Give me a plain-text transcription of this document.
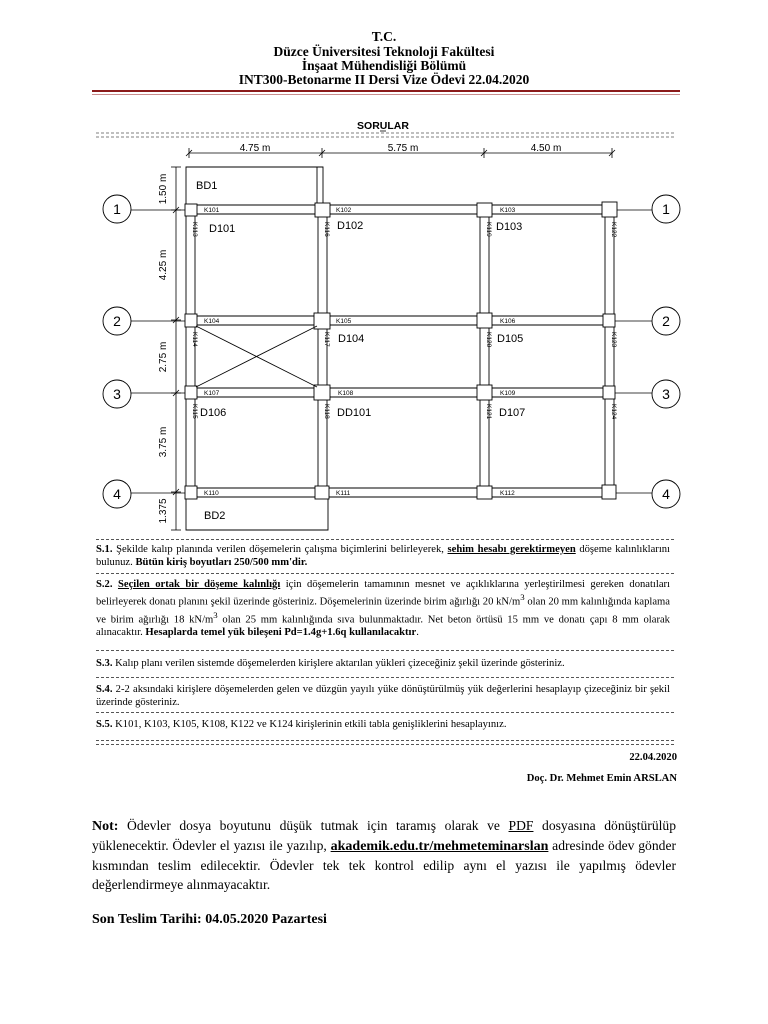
T.C.

Düzce Üniversitesi Teknoloji Fakültesi

İnşaat Mühendisliği Bölümü

INT300-Betonarme II Dersi Vize Ödevi 22.04.2020

SORULAR
4.75 m	5.75 m	4.50 m
1.50 m
4.25 m
2.75 m
3.75 m
1.375
1	1
2	2
3	3
4	4
K101	K102	K103
K104	K105	K106
K107	K108	K109
K110	K111	K112
K113	K116	K119	K122
K114	K117	K120	K123
K115	K118	K121	K124
BD1
D101	D102	D103
D104	D105
D106	DD101	D107
BD2

S.1. Şekilde kalıp planında verilen döşemelerin çalışma biçimlerini belirleyerek, sehim hesabı gerektirmeyen döşeme kalınlıklarını bulunuz. Bütün kiriş boyutları 250/500 mm'dir.

S.2. Seçilen ortak bir döşeme kalınlığı için döşemelerin tamamının mesnet ve açıklıklarına yerleştirilmesi gereken donatıları belirleyerek donatı planını şekil üzerinde gösteriniz. Döşemelerinin üzerinde birim ağırlığı 20 $kN/m^3$ olan 20 mm kalınlığında kaplama ve birim ağırlığı 18 $kN/m^3$ olan 25 mm kalınlığında sıva bulunmaktadır. Net beton örtüsü 15 mm ve donatı çapı 8 mm olarak alınacaktır. Hesaplarda temel yük bileşeni Pd=1.4g+1.6q kullanılacaktır.

S.3. Kalıp planı verilen sistemde döşemelerden kirişlere aktarılan yükleri çizeceğiniz şekil üzerinde gösteriniz.

S.4. 2-2 aksındaki kirişlere döşemelerden gelen ve düzgün yayılı yüke dönüştürülmüş yük değerlerini hesaplayıp çizeceğiniz bir şekil üzerinde gösteriniz.

S.5. K101, K103, K105, K108, K122 ve K124 kirişlerinin etkili tabla genişliklerini hesaplayınız.

22.04.2020

Doç. Dr. Mehmet Emin ARSLAN

Not: Ödevler dosya boyutunu düşük tutmak için taramış olarak ve PDF dosyasına dönüştürülüp yüklenecektir. Ödevler el yazısı ile yazılıp, akademik.edu.tr/mehmeteminarslan adresinde ödev gönder kısmından teslim edilecektir. Ödevler tek tek kontrol edilip aynı el yazısı ile yapılmış ödevler değerlendirmeye alınmayacaktır.

Son Teslim Tarihi: 04.05.2020 Pazartesi
